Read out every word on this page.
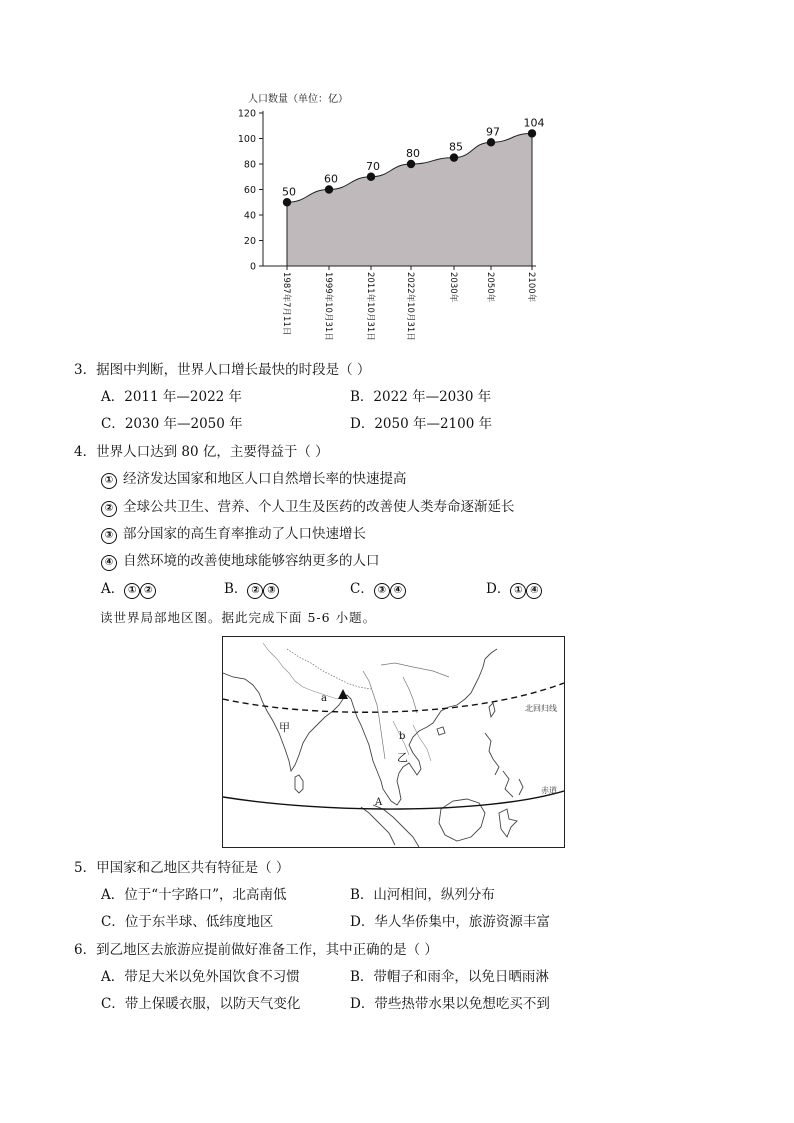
人口数量（单位：亿）
0
20
40
60
80
100
120
1987年7月11日	1999年10月31日	2011年10月31日	2022年10月31日	2030年	2050年	2100年
50
60
70
80	85
97
104
3．据图中判断，世界人口增长最快的时段是（ ）
A．2011 年—2022 年	B．2022 年—2030 年
C．2030 年—2050 年	D．2050 年—2100 年
4．世界人口达到 80 亿，主要得益于（ ）
① 经济发达国家和地区人口自然增长率的快速提高
② 全球公共卫生、营养、个人卫生及医药的改善使人类寿命逐渐延长
③ 部分国家的高生育率推动了人口快速增长
④ 自然环境的改善使地球能够容纳更多的人口
A． ① ②	B． ② ③	C． ③ ④	D． ① ④
读世界局部地区图。据此完成下面 5-6 小题。
北回归线
赤道
甲
乙
a
b
A
5．甲国家和乙地区共有特征是（ ）
A．位于“十字路口”，北高南低	B．山河相间，纵列分布
C．位于东半球、低纬度地区	D．华人华侨集中，旅游资源丰富
6．到乙地区去旅游应提前做好准备工作，其中正确的是（ ）
A．带足大米以免外国饮食不习惯	B．带帽子和雨伞，以免日晒雨淋
C．带上保暖衣服，以防天气变化	D．带些热带水果以免想吃买不到
